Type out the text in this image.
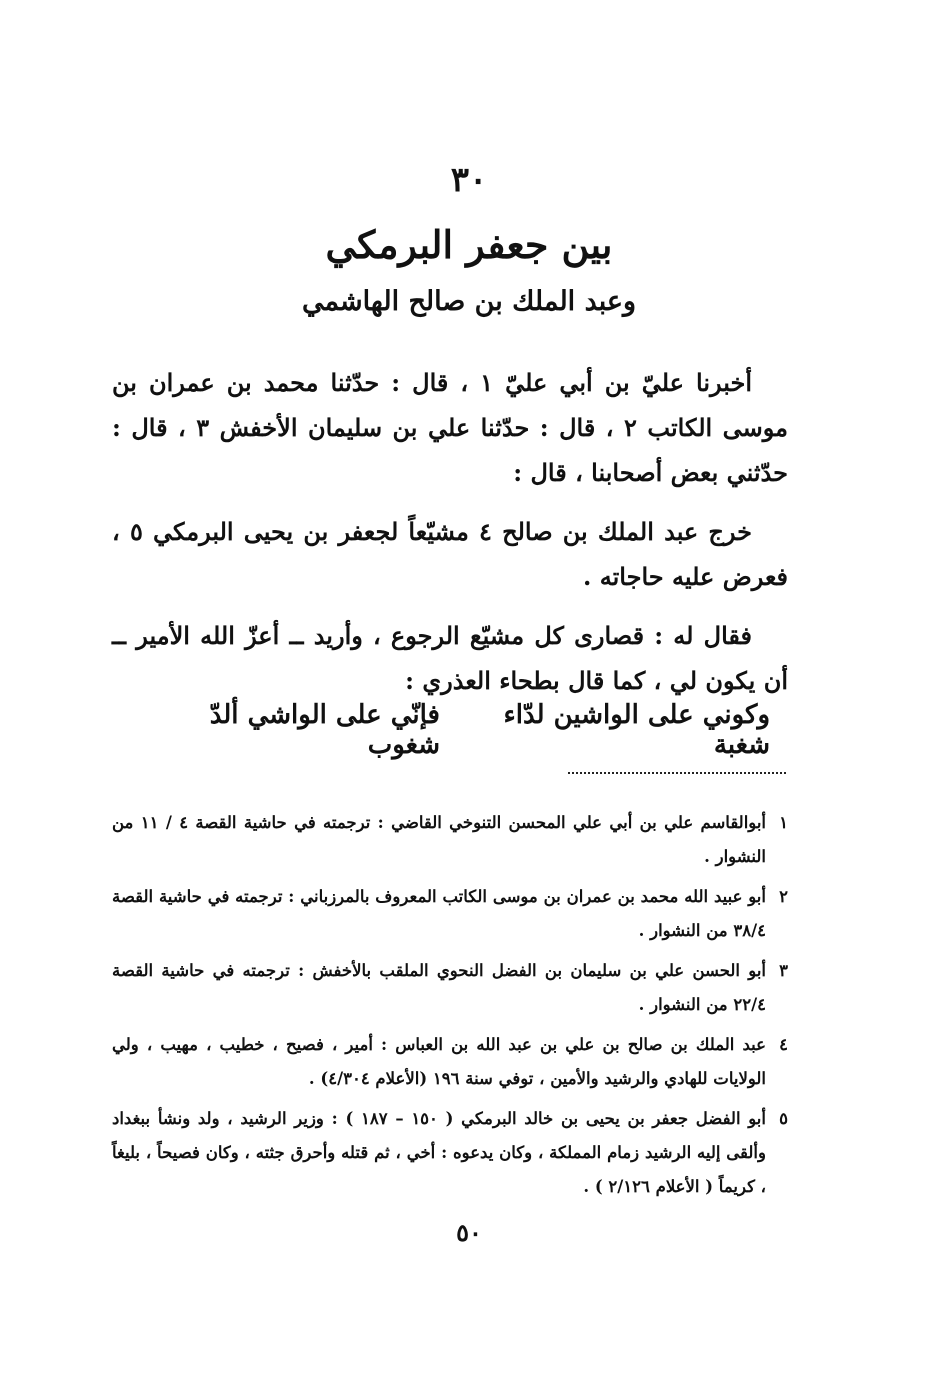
٣٠
بين جعفر البرمكي
وعبد الملك بن صالح الهاشمي

أخبرنا عليّ بن أبي عليّ ١ ، قال : حدّثنا محمد بن عمران بن موسى الكاتب ٢ ، قال : حدّثنا علي بن سليمان الأخفش ٣ ، قال : حدّثني بعض أصحابنا ، قال :

خرج عبد الملك بن صالح ٤ مشيّعاً لجعفر بن يحيى البرمكي ٥ ، فعرض عليه حاجاته .

فقال له : قصارى كل مشيّع الرجوع ، وأريد ــ أعزّ الله الأمير ــ أن يكون لي ، كما قال بطحاء العذري :

وكوني على الواشين لدّاء شغبة
فإنّي على الواشي ألدّ شغوب
١
أبوالقاسم علي بن أبي علي المحسن التنوخي القاضي : ترجمته في حاشية القصة ٤ / ١١ من النشوار .
٢
أبو عبيد الله محمد بن عمران بن موسى الكاتب المعروف بالمرزباني : ترجمته في حاشية القصة ٣٨/٤ من النشوار .
٣
أبو الحسن علي بن سليمان بن الفضل النحوي الملقب بالأخفش : ترجمته في حاشية القصة ٢٢/٤ من النشوار .
٤
عبد الملك بن صالح بن علي بن عبد الله بن العباس : أمير ، فصيح ، خطيب ، مهيب ، ولي الولايات للهادي والرشيد والأمين ، توفي سنة ١٩٦ (الأعلام ٤/٣٠٤) .
٥
أبو الفضل جعفر بن يحيى بن خالد البرمكي ( ١٥٠ – ١٨٧ ) : وزير الرشيد ، ولد ونشأ ببغداد وألقى إليه الرشيد زمام المملكة ، وكان يدعوه : أخي ، ثم قتله وأحرق جثته ، وكان فصيحاً ، بليغاً ، كريماً ( الأعلام ٢/١٢٦ ) .
٥٠
